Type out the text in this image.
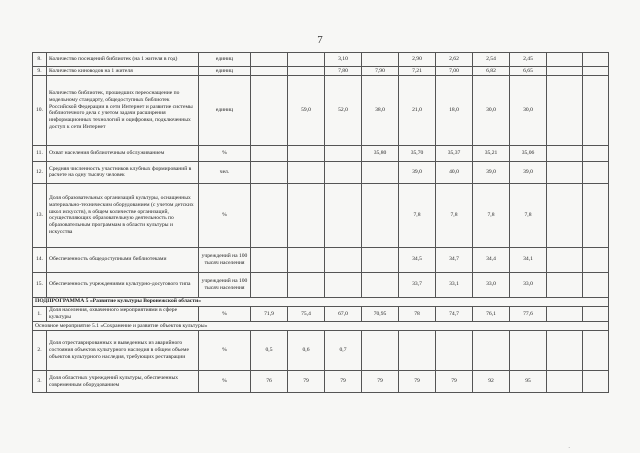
7
8.	Количество посещений библиотек (на 1 жителя в год)	единиц			3,10		2,90	2,62	2,54	2,45		
9.	Количество киноводов на 1 жителя	единиц			7,80	7,90	7,21	7,00	6,82	6,65		
10.	Количество библиотек, прошедших переоснащение по модельному стандарту, общедоступных библиотек Российской Федерации в сети Интернет и развитие системы библиотечного дела с учетом задачи расширения информационных технологий и оцифровки, подключенных доступ к сети Интернет	единиц		59,0	52,0	38,0	21,0	18,0	30,0	30,0		
11.	Охват населения библиотечным обслуживанием	%				35,80	35,70	35,37	35,21	35,06		
12.	Средняя численность участников клубных формирований в расчете на одну тысячу человек	чел.					39,0	40,0	39,0	39,0		
13.	Доля образовательных организаций культуры, оснащенных материально-техническим оборудованием (с учетом детских школ искусств), в общем количестве организаций, осуществляющих образовательную деятельность по образовательным программам в области культуры и искусства	%					7,8	7,8	7,8	7,8		
14.	Обеспеченность общедоступными библиотеками	учреждений на 100 тысяч населения					34,5	34,7	34,4	34,1		
15.	Обеспеченность учреждениями культурно-досугового типа	учреждений на 100 тысяч населения					33,7	33,1	33,0	33,0		
ПОДПРОГРАММА 5 «Развитие культуры Воронежской области»												
1.	Доля населения, охваченного мероприятиями в сфере культуры	%	71,9	75,4	67,0	70,95	78	74,7	76,1	77,6		
Основное мероприятие 5.1 «Сохранение и развитие объектов культуры»												
2.	Доля отреставрированных и выведенных из аварийного состояния объектов культурного наследия в общем объеме объектов культурного наследия, требующих реставрации	%	0,5	0,6	0,7							
3.	Доля областных учреждений культуры, обеспеченных современным оборудованием	%	76	79	79	79	79	79	92	95		
·
